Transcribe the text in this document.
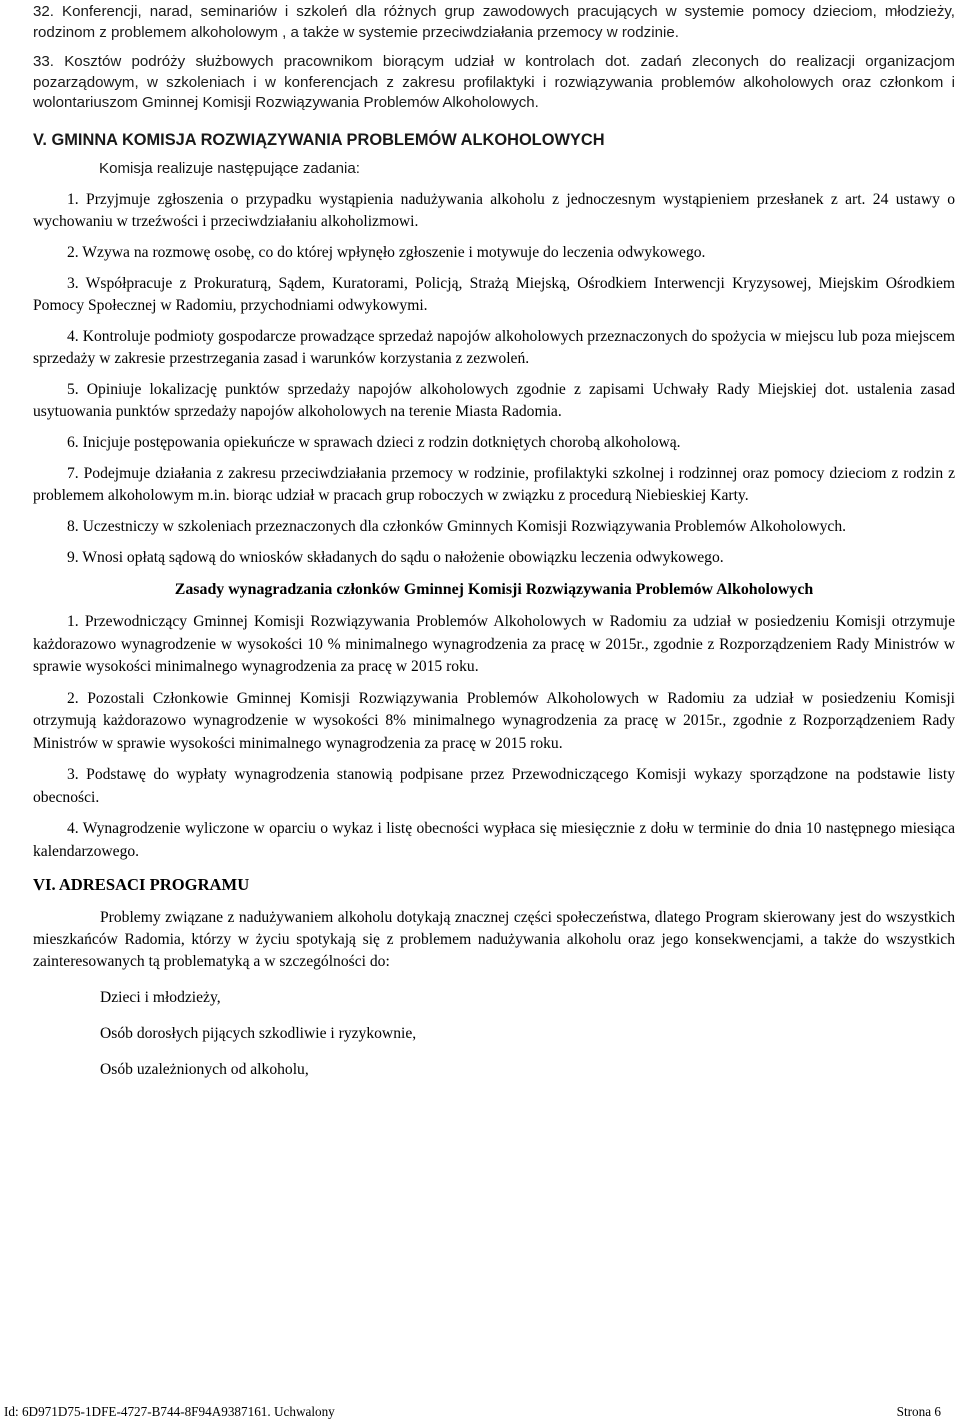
32. Konferencji, narad, seminariów i szkoleń dla różnych grup zawodowych pracujących w systemie pomocy dzieciom, młodzieży, rodzinom z problemem alkoholowym , a także w systemie przeciwdziałania przemocy w rodzinie.

33. Kosztów podróży służbowych pracownikom biorącym udział w kontrolach dot. zadań zleconych do realizacji organizacjom pozarządowym, w szkoleniach i w konferencjach z zakresu profilaktyki i rozwiązywania problemów alkoholowych oraz członkom i wolontariuszom Gminnej Komisji Rozwiązywania Problemów Alkoholowych.

V. GMINNA KOMISJA ROZWIĄZYWANIA PROBLEMÓW ALKOHOLOWYCH

Komisja realizuje następujące zadania:

1. Przyjmuje zgłoszenia o przypadku wystąpienia nadużywania alkoholu z jednoczesnym wystąpieniem przesłanek z art. 24 ustawy o wychowaniu w trzeźwości i przeciwdziałaniu alkoholizmowi.

2. Wzywa na rozmowę osobę, co do której wpłynęło zgłoszenie i motywuje do leczenia odwykowego.

3. Współpracuje z Prokuraturą, Sądem, Kuratorami, Policją, Strażą Miejską, Ośrodkiem Interwencji Kryzysowej, Miejskim Ośrodkiem Pomocy Społecznej w Radomiu, przychodniami odwykowymi.

4. Kontroluje podmioty gospodarcze prowadzące sprzedaż napojów alkoholowych przeznaczonych do spożycia w miejscu lub poza miejscem sprzedaży w zakresie przestrzegania zasad i warunków korzystania z zezwoleń.

5. Opiniuje lokalizację punktów sprzedaży napojów alkoholowych zgodnie z zapisami Uchwały Rady Miejskiej dot. ustalenia zasad usytuowania punktów sprzedaży napojów alkoholowych na terenie Miasta Radomia.

6. Inicjuje postępowania opiekuńcze w sprawach dzieci z rodzin dotkniętych chorobą alkoholową.

7. Podejmuje działania z zakresu przeciwdziałania przemocy w rodzinie, profilaktyki szkolnej i rodzinnej oraz pomocy dzieciom z rodzin z problemem alkoholowym m.in. biorąc udział w pracach grup roboczych w związku z procedurą Niebieskiej Karty.

8. Uczestniczy w szkoleniach przeznaczonych dla członków Gminnych Komisji Rozwiązywania Problemów Alkoholowych.

9. Wnosi opłatą sądową do wniosków składanych do sądu o nałożenie obowiązku leczenia odwykowego.

Zasady wynagradzania członków Gminnej Komisji Rozwiązywania Problemów Alkoholowych

1. Przewodniczący Gminnej Komisji Rozwiązywania Problemów Alkoholowych w Radomiu za udział w posiedzeniu Komisji otrzymuje każdorazowo wynagrodzenie w wysokości 10 % minimalnego wynagrodzenia za pracę w 2015r., zgodnie z Rozporządzeniem Rady Ministrów w sprawie wysokości minimalnego wynagrodzenia za pracę w 2015 roku.

2. Pozostali Członkowie Gminnej Komisji Rozwiązywania Problemów Alkoholowych w Radomiu za udział w posiedzeniu Komisji otrzymują każdorazowo wynagrodzenie w wysokości 8% minimalnego wynagrodzenia za pracę w 2015r., zgodnie z Rozporządzeniem Rady Ministrów w sprawie wysokości minimalnego wynagrodzenia za pracę w 2015 roku.

3. Podstawę do wypłaty wynagrodzenia stanowią podpisane przez Przewodniczącego Komisji wykazy sporządzone na podstawie listy obecności.

4. Wynagrodzenie wyliczone w oparciu o wykaz i listę obecności wypłaca się miesięcznie z dołu w terminie do dnia 10 następnego miesiąca kalendarzowego.

VI. ADRESACI PROGRAMU

Problemy związane z nadużywaniem alkoholu dotykają znacznej części społeczeństwa, dlatego Program skierowany jest do wszystkich mieszkańców Radomia, którzy w życiu spotykają się z problemem nadużywania alkoholu oraz jego konsekwencjami, a także do wszystkich zainteresowanych tą problematyką a w szczególności do:

Dzieci i młodzieży,

Osób dorosłych pijących szkodliwie i ryzykownie,

Osób uzależnionych od alkoholu,

Id: 6D971D75-1DFE-4727-B744-8F94A9387161. Uchwalony	Strona 6
